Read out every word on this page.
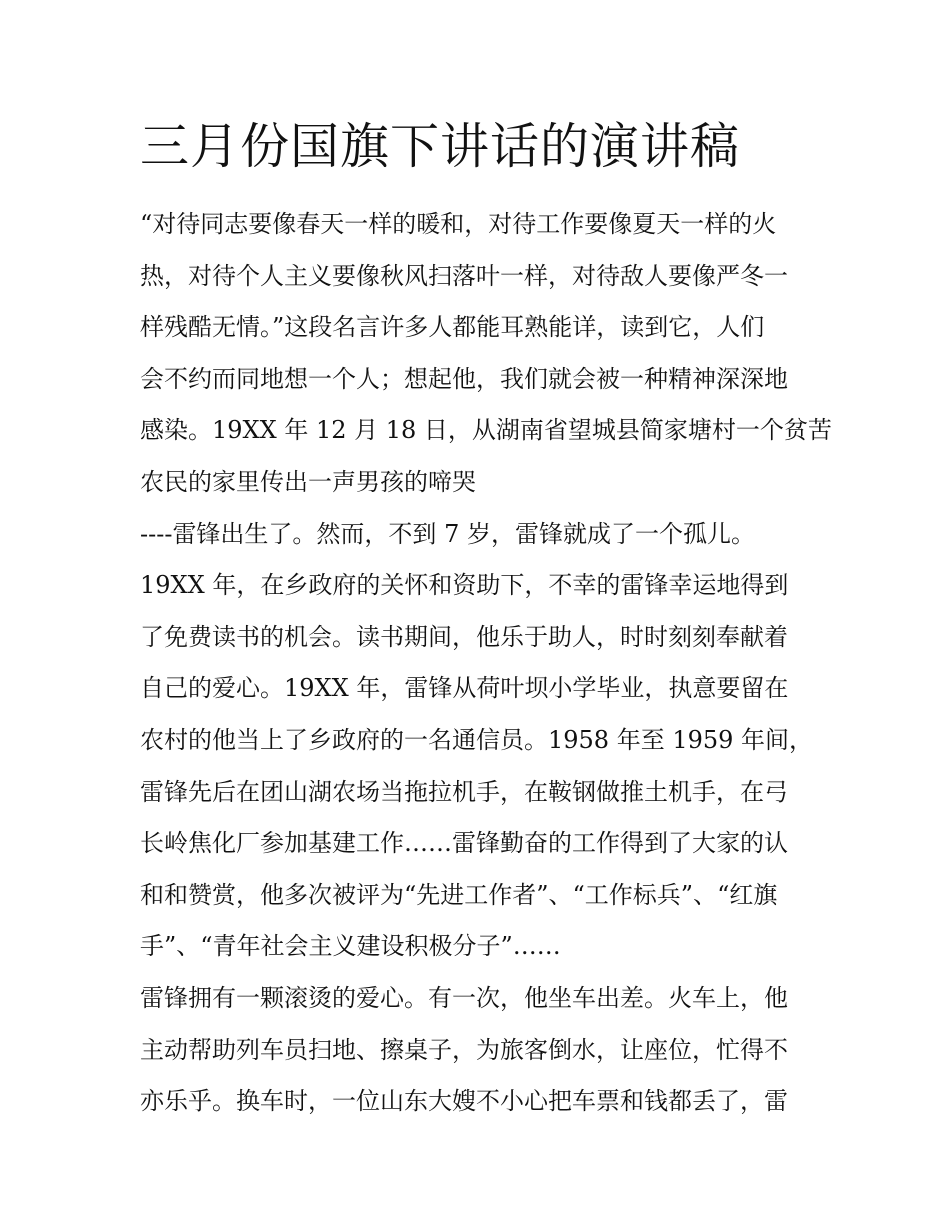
三月份国旗下讲话的演讲稿
“对待同志要像春天一样的暖和，对待工作要像夏天一样的火
热，对待个人主义要像秋风扫落叶一样，对待敌人要像严冬一
样残酷无情。”这段名言许多人都能耳熟能详，读到它，人们
会不约而同地想一个人；想起他，我们就会被一种精神深深地
感染。19XX 年 12 月 18 日，从湖南省望城县简家塘村一个贫苦
农民的家里传出一声男孩的啼哭
----雷锋出生了。然而，不到 7 岁，雷锋就成了一个孤儿。
19XX 年，在乡政府的关怀和资助下，不幸的雷锋幸运地得到
了免费读书的机会。读书期间，他乐于助人，时时刻刻奉献着
自己的爱心。19XX 年，雷锋从荷叶坝小学毕业，执意要留在
农村的他当上了乡政府的一名通信员。1958 年至 1959 年间，
雷锋先后在团山湖农场当拖拉机手，在鞍钢做推土机手，在弓
长岭焦化厂参加基建工作……雷锋勤奋的工作得到了大家的认
和和赞赏，他多次被评为“先进工作者”、“工作标兵”、“红旗
手”、“青年社会主义建设积极分子”……
雷锋拥有一颗滚烫的爱心。有一次，他坐车出差。火车上，他
主动帮助列车员扫地、擦桌子，为旅客倒水，让座位，忙得不
亦乐乎。换车时，一位山东大嫂不小心把车票和钱都丢了，雷
